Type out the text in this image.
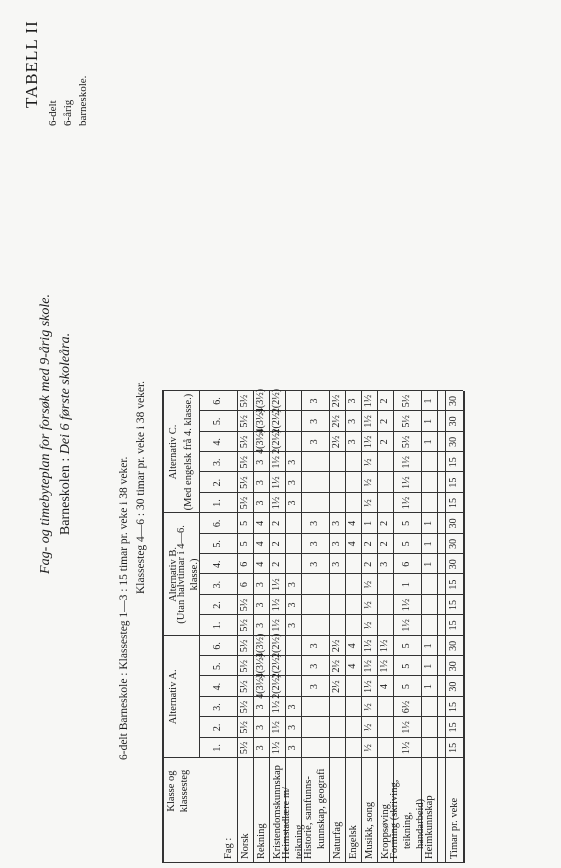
TABELL II
6-delt 6-årig barneskole.
Fag- og timebyteplan for forsøk med 9-årig skole. Barneskolen : Dei 6 første skoleåra.
6-delt Barneskole : Klassesteg 1—3 : 15 timar pr. veke i 38 veker. Klassesteg 4—6 : 30 timar pr. veke i 38 veker.
Klasse og klassesteg
Fag :
Alternativ A.
Alternativ B.
(Utan halvtimar i 4—6. klasse.)
Alternativ C. (Med engelsk frå 4. klasse.)
1.
2.
3.
4.
5.
6.
1.
2.
3.
4.
5.
6.
1.
2.
3.
4.
5.
6.
Norsk Rekning Kristendomskunnskap
Heimstadlære m/ teikning
Historie, samfunns- kunnskap, geografi Naturfag Engelsk Musikk, song Kroppsøving
Forming (skriving, teikning, handarbeid)
Heimkunnskap
5½
5½
5½
5½
5½
5½
3
3
3
4(3½)
4(3½)
4(3½)
1½
1½
1½
2(2½)
2(2½)
2(2½)
3
3
3
3
3
3
2½
2½
2½
4
4
½
½
½
1½
1½
1½
4
1½
1½
1½
1½
6½
5
5
5
1
1
1
5½
5½
6
6
5
5
3
3
3
4
4
4
1½
1½
1½
2
2
2
3
3
3
3
3
3
3
3
3
4
4
½
½
½
2
2
1
3
2
2
1½
1½
1
6
5
5
1
1
1
5½
5½
5½
5½
5½
5½
3
3
3
4(3½)
4(3½)
4(3½)
1½
1½
1½
2(2½)
2(2½)
2(2½)
3
3
3
3
3
3
2½
2½
2½
3
3
3
½
½
½
1½
1½
1½
2
2
2
1½
1½
1½
5½
5½
5½
1
1
1
Timar pr. veke
15
15
15
30
30
30
15
15
15
30
30
30
15
15
15
30
30
30
